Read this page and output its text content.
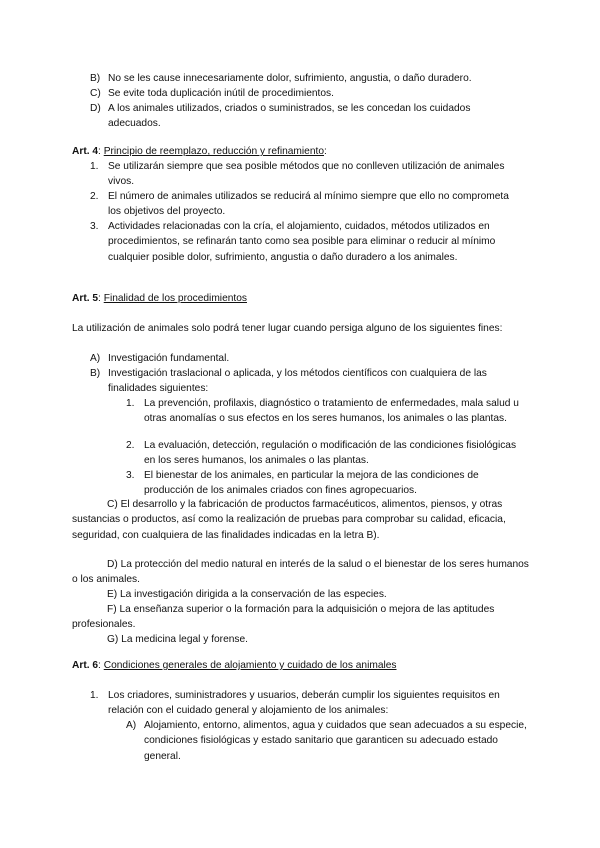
B) No se les cause innecesariamente dolor, sufrimiento, angustia, o daño duradero.
C) Se evite toda duplicación inútil de procedimientos.
D) A los animales utilizados, criados o suministrados, se les concedan los cuidados adecuados.
Art. 4: Principio de reemplazo, reducción y refinamiento:
1. Se utilizarán siempre que sea posible métodos que no conlleven utilización de animales vivos.
2. El número de animales utilizados se reducirá al mínimo siempre que ello no comprometa los objetivos del proyecto.
3. Actividades relacionadas con la cría, el alojamiento, cuidados, métodos utilizados en procedimientos, se refinarán tanto como sea posible para eliminar o reducir al mínimo cualquier posible dolor, sufrimiento, angustia o daño duradero a los animales.
Art. 5: Finalidad de los procedimientos
La utilización de animales solo podrá tener lugar cuando persiga alguno de los siguientes fines:
A) Investigación fundamental.
B) Investigación traslacional o aplicada, y los métodos científicos con cualquiera de las finalidades siguientes:
1. La prevención, profilaxis, diagnóstico o tratamiento de enfermedades, mala salud u otras anomalías o sus efectos en los seres humanos, los animales o las plantas.
2. La evaluación, detección, regulación o modificación de las condiciones fisiológicas en los seres humanos, los animales o las plantas.
3. El bienestar de los animales, en particular la mejora de las condiciones de producción de los animales criados con fines agropecuarios.
C) El desarrollo y la fabricación de productos farmacéuticos, alimentos, piensos, y otras sustancias o productos, así como la realización de pruebas para comprobar su calidad, eficacia, seguridad, con cualquiera de las finalidades indicadas en la letra B).
D) La protección del medio natural en interés de la salud o el bienestar de los seres humanos o los animales.
E) La investigación dirigida a la conservación de las especies.
F) La enseñanza superior o la formación para la adquisición o mejora de las aptitudes profesionales.
G) La medicina legal y forense.
Art. 6: Condiciones generales de alojamiento y cuidado de los animales
1. Los criadores, suministradores y usuarios, deberán cumplir los siguientes requisitos en relación con el cuidado general y alojamiento de los animales:
A) Alojamiento, entorno, alimentos, agua y cuidados que sean adecuados a su especie, condiciones fisiológicas y estado sanitario que garanticen su adecuado estado general.
